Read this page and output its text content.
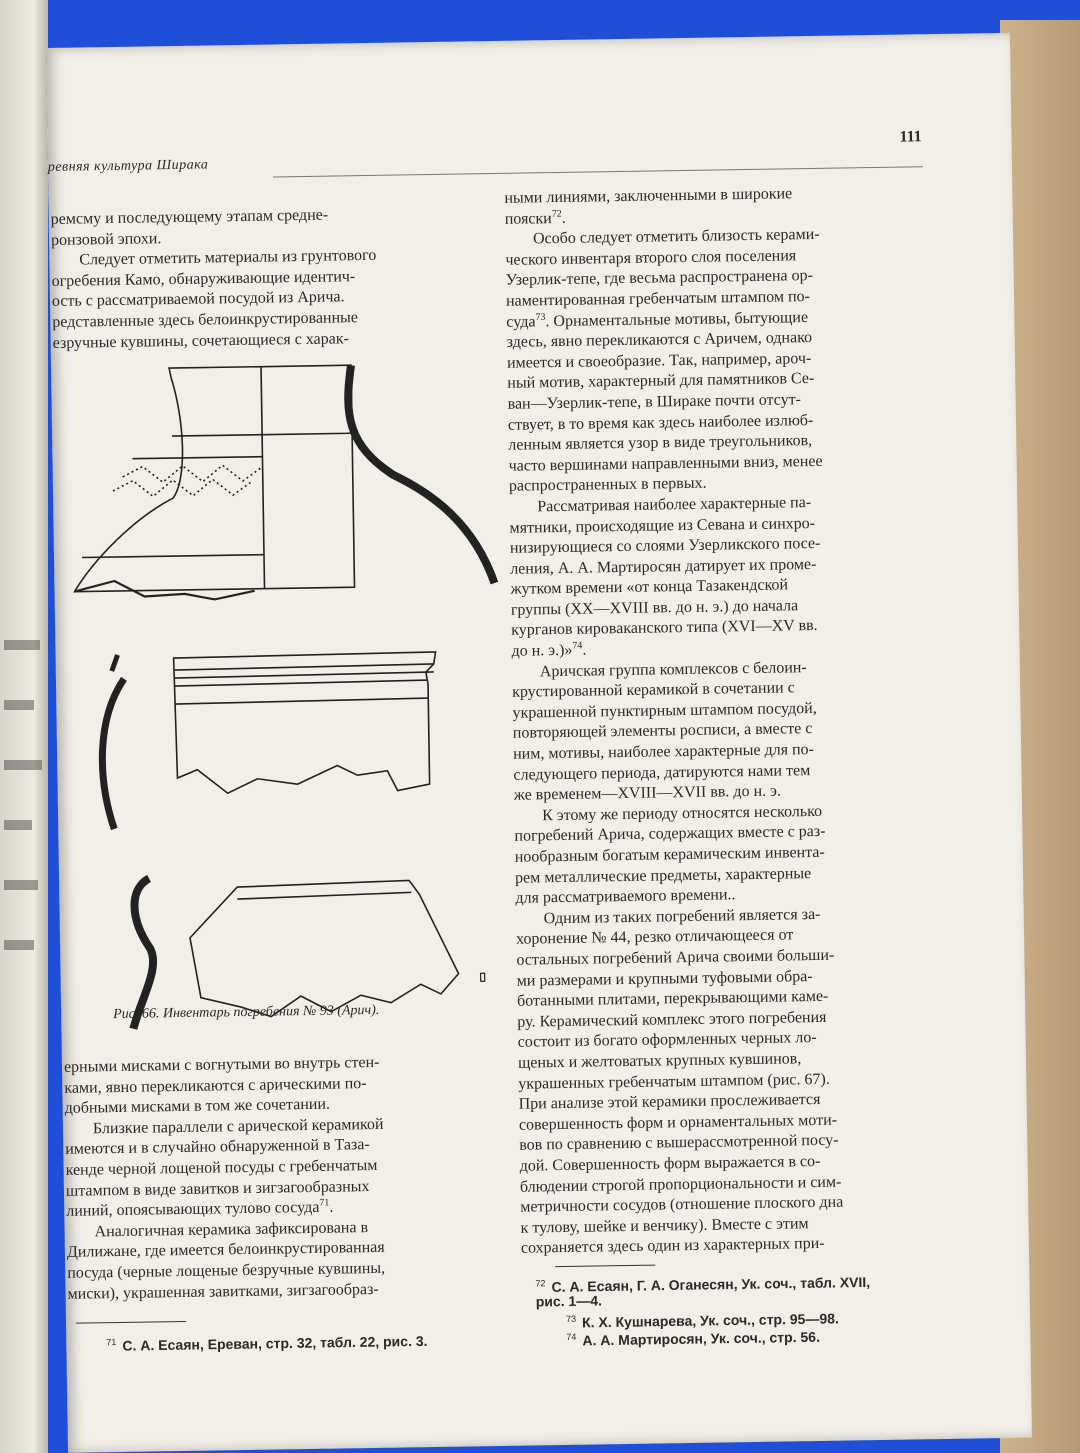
ревняя культура Ширака
111

ремсму и последующему этапам средне-

ронзовой эпохи.

Следует отметить материалы из грунтового

огребения Камо, обнаруживающие идентич-

ость с рассматриваемой посудой из Арича.

редставленные здесь белоинкрустированные

езручные кувшины, сочетающиеся с харак-

Рис. 66. Инвентарь погребения № 93 (Арич).

ерными мисками с вогнутыми во внутрь стен-

ками, явно перекликаются с арическими по-

добными мисками в том же сочетании.

Близкие параллели с арической керамикой

имеются и в случайно обнаруженной в Таза-

кенде черной лощеной посуды с гребенчатым

штампом в виде завитков и зигзагообразных

линий, опоясывающих тулово сосуда$^{71}$.

Аналогичная керамика зафиксирована в

Дилижане, где имеется белоинкрустированная

посуда (черные лощеные безручные кувшины,

миски), украшенная завитками, зигзагообраз-

ными линиями, заключенными в широкие

пояски$^{72}$.

Особо следует отметить близость керами-

ческого инвентаря второго слоя поселения

Узерлик-тепе, где весьма распространена ор-

наментированная гребенчатым штампом по-

суда$^{73}$. Орнаментальные мотивы, бытующие

здесь, явно перекликаются с Аричем, однако

имеется и своеобразие. Так, например, aроч-

ный мотив, характерный для памятников Се-

ван—Узерлик-тепе, в Шираке почти отсут-

ствует, в то время как здесь наиболее излюб-

ленным является узор в виде треугольников,

часто вершинами направленными вниз, менее

распространенных в первых.

Рассматривая наиболее характерные па-

мятники, происходящие из Севана и синхро-

низирующиеся со слоями Узерликского посе-

ления, А. А. Мартиросян датирует их проме-

жутком времени «от конца Тазакендской

группы (XX—XVIII вв. до н. э.) до начала

курганов кироваканского типа (XVI—XV вв.

до н. э.)»$^{74}$.

Аричская группа комплексов с белоин-

крустированной керамикой в сочетании с

украшенной пунктирным штампом посудой,

повторяющей элементы росписи, а вместе с

ним, мотивы, наиболее характерные для по-

следующего периода, датируются нами тем

же временем—XVIII—XVII вв. до н. э.

К этому же периоду относятся несколько

погребений Арича, содержащих вместе с раз-

нообразным богатым керамическим инвента-

рем металлические предметы, характерные

для рассматриваемого времени..

Одним из таких погребений является за-

хоронение № 44, резко отличающееся от

остальных погребений Арича своими больши-

ми размерами и крупными туфовыми обра-

ботанными плитами, перекрывающими каме-

ру. Керамический комплекс этого погребения

состоит из богато оформленных черных ло-

щеных и желтоватых крупных кувшинов,

украшенных гребенчатым штампом (рис. 67).

При анализе этой керамики прослеживается

совершенность форм и орнаментальных моти-

вов по сравнению с вышерассмотренной посу-

дой. Совершенность форм выражается в со-

блюдении строгой пропорциональности и сим-

метричности сосудов (отношение плоского дна

к тулову, шейке и венчику). Вместе с этим

сохраняется здесь один из характерных при-

$^{71}$ С. А. Есаян, Ереван, стр. 32, табл. 22, рис. 3.
$^{72}$ С. А. Есаян, Г. А. Оганесян, Ук. соч., табл. XVII,
рис. 1—4.
$^{73}$ К. Х. Кушнарева, Ук. соч., стр. 95—98.
$^{74}$ А. А. Мартиросян, Ук. соч., стр. 56.
